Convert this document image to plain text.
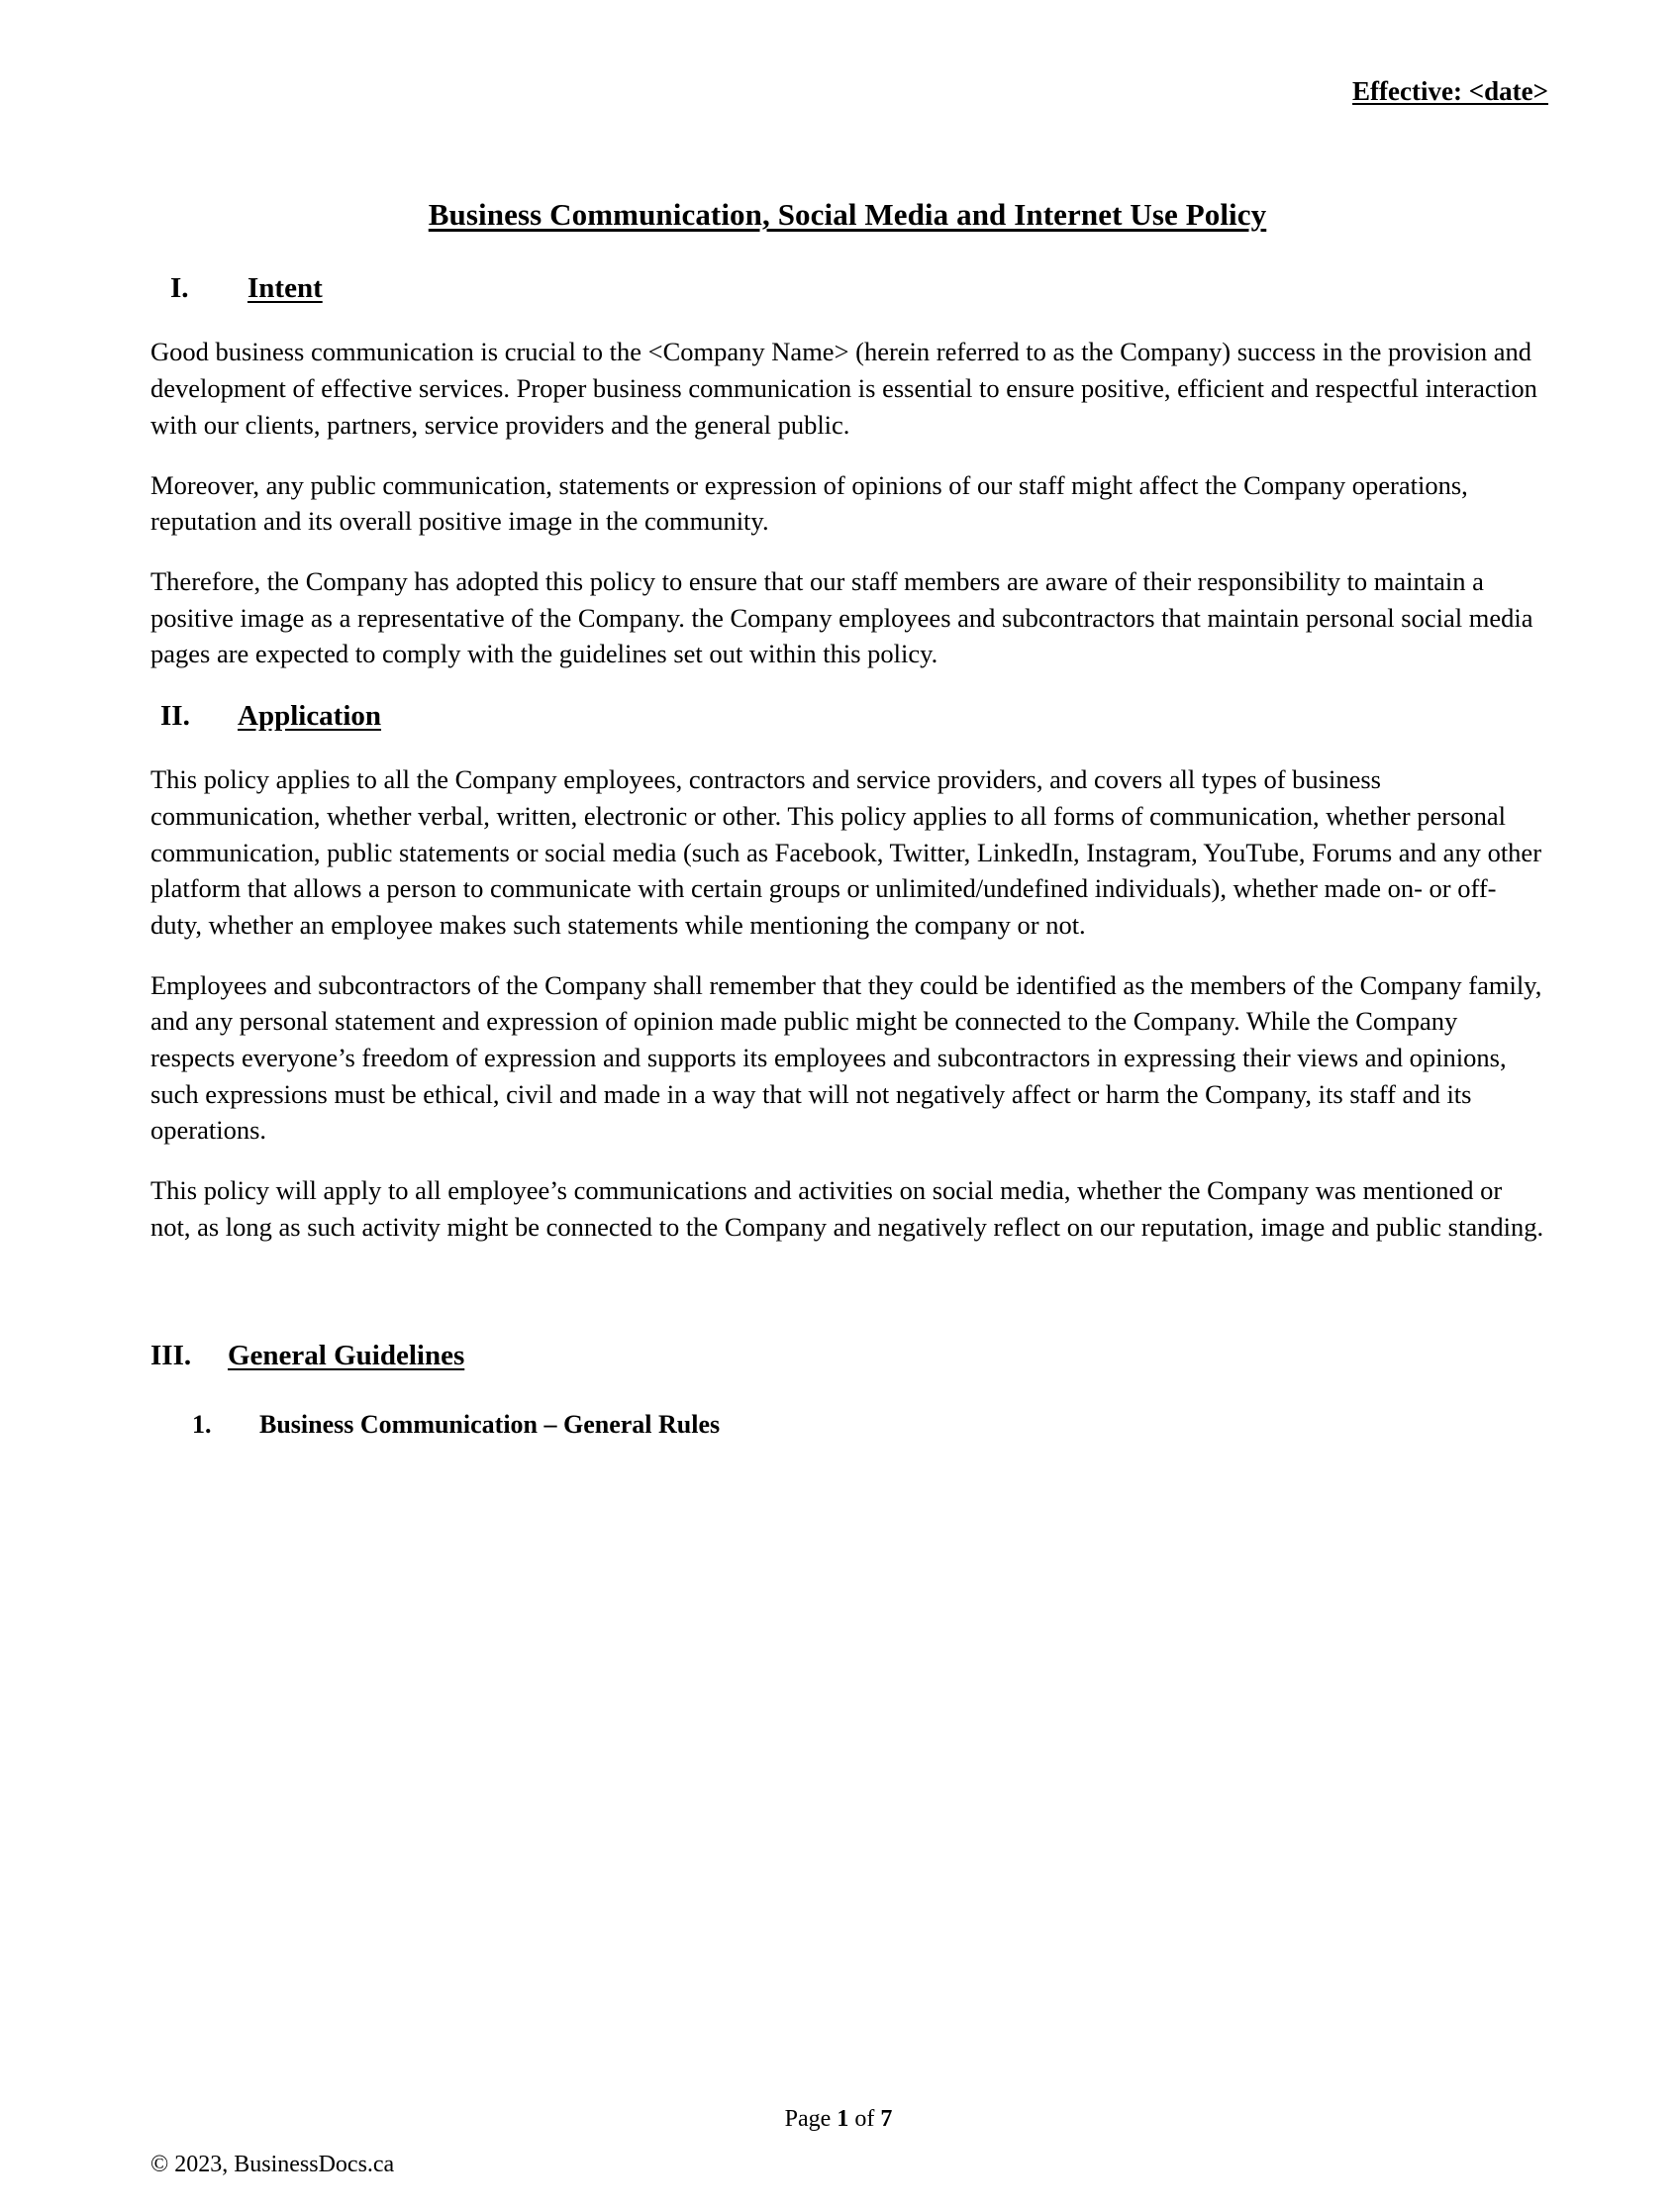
Effective: <date>
Business Communication, Social Media and Internet Use Policy
I.	Intent

Good business communication is crucial to the <Company Name> (herein referred to as the Company) success in the provision and development of effective services. Proper business communication is essential to ensure positive, efficient and respectful interaction with our clients, partners, service providers and the general public.

Moreover, any public communication, statements or expression of opinions of our staff might affect the Company operations, reputation and its overall positive image in the community.

Therefore, the Company has adopted this policy to ensure that our staff members are aware of their responsibility to maintain a positive image as a representative of the Company. the Company employees and subcontractors that maintain personal social media pages are expected to comply with the guidelines set out within this policy.

II.	Application

This policy applies to all the Company employees, contractors and service providers, and covers all types of business communication, whether verbal, written, electronic or other. This policy applies to all forms of communication, whether personal communication, public statements or social media (such as Facebook, Twitter, LinkedIn, Instagram, YouTube, Forums and any other platform that allows a person to communicate with certain groups or unlimited/undefined individuals), whether made on- or off-duty, whether an employee makes such statements while mentioning the company or not.

Employees and subcontractors of the Company shall remember that they could be identified as the members of the Company family, and any personal statement and expression of opinion made public might be connected to the Company. While the Company respects everyone’s freedom of expression and supports its employees and subcontractors in expressing their views and opinions, such expressions must be ethical, civil and made in a way that will not negatively affect or harm the Company, its staff and its operations.

This policy will apply to all employee’s communications and activities on social media, whether the Company was mentioned or not, as long as such activity might be connected to the Company and negatively reflect on our reputation, image and public standing.

III.	General Guidelines
1.	Business Communication – General Rules
Page 1 of 7
© 2023, BusinessDocs.ca
